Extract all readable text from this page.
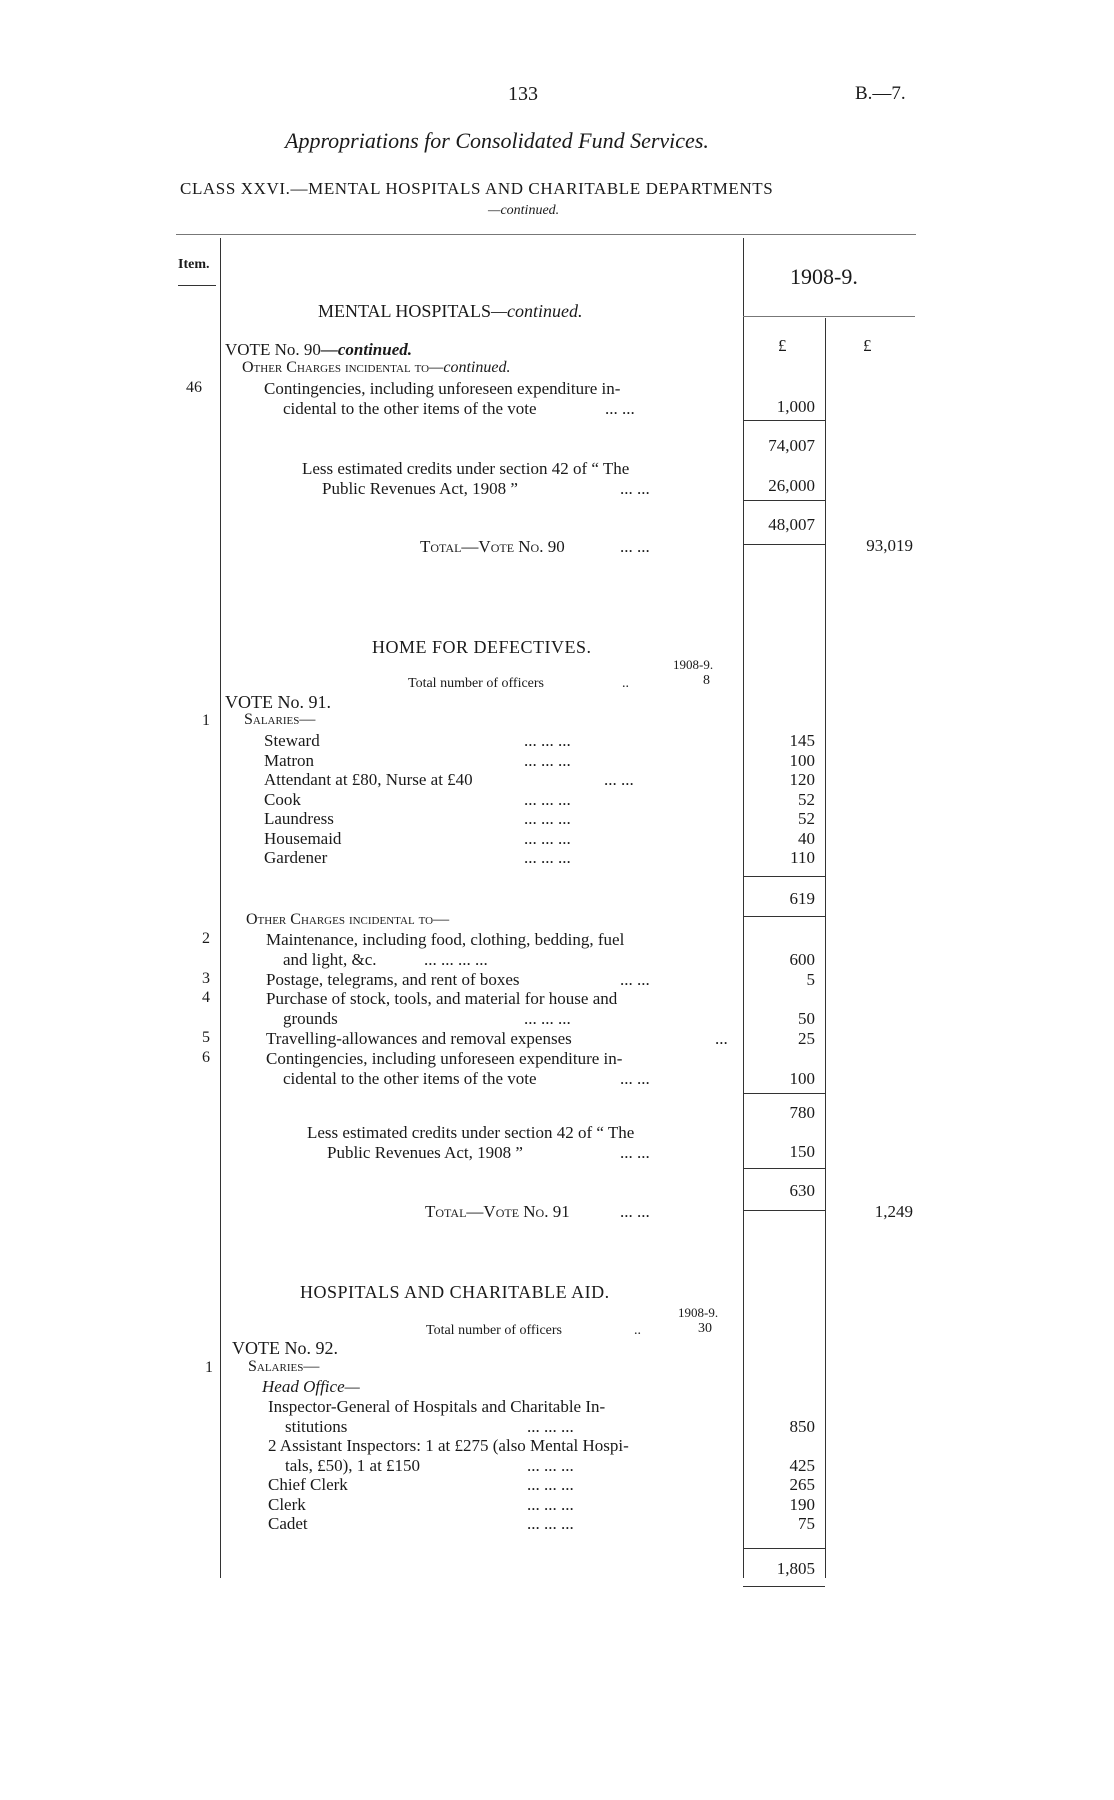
133	B.—7.
Appropriations for Consolidated Fund Services.
CLASS XXVI.—MENTAL HOSPITALS AND CHARITABLE DEPARTMENTS
—continued.
Item.	1908-9.
£	£
MENTAL HOSPITALS—continued.
VOTE No. 90—continued.
Other Charges incidental to—continued.
46	Contingencies, including unforeseen expenditure in-
cidental to the other items of the vote	... ...	1,000
74,007
Less estimated credits under section 42 of “ The
Public Revenues Act, 1908 ”	... ...	26,000
48,007
Total—Vote No. 90	... ...	93,019
HOME FOR DEFECTIVES.
1908-9.
Total number of officers	..	8
VOTE No. 91.
1 Salaries—
Steward	... ... ...	145
Matron	... ... ...	100
Attendant at £80, Nurse at £40	... ...	120
Cook	... ... ...	52
Laundress	... ... ...	52
Housemaid	... ... ...	40
Gardener	... ... ...	110
619
Other Charges incidental to—
2	Maintenance, including food, clothing, bedding, fuel
and light, &c.	... ... ... ...	600
3	Postage, telegrams, and rent of boxes	... ...	5
4	Purchase of stock, tools, and material for house and
grounds	... ... ...	50
5	Travelling-allowances and removal expenses	...	25
6	Contingencies, including unforeseen expenditure in-
cidental to the other items of the vote	... ...	100
780
Less estimated credits under section 42 of “ The
Public Revenues Act, 1908 ”	... ...	150
630
Total—Vote No. 91	... ...	1,249
HOSPITALS AND CHARITABLE AID.
1908-9.
Total number of officers	..	30
VOTE No. 92.
1 Salaries—
Head Office—
Inspector-General of Hospitals and Charitable In-
stitutions	... ... ...	850
2 Assistant Inspectors: 1 at £275 (also Mental Hospi-
tals, £50), 1 at £150	... ... ...	425
Chief Clerk	... ... ...	265
Clerk	... ... ...	190
Cadet	... ... ...	75
1,805
